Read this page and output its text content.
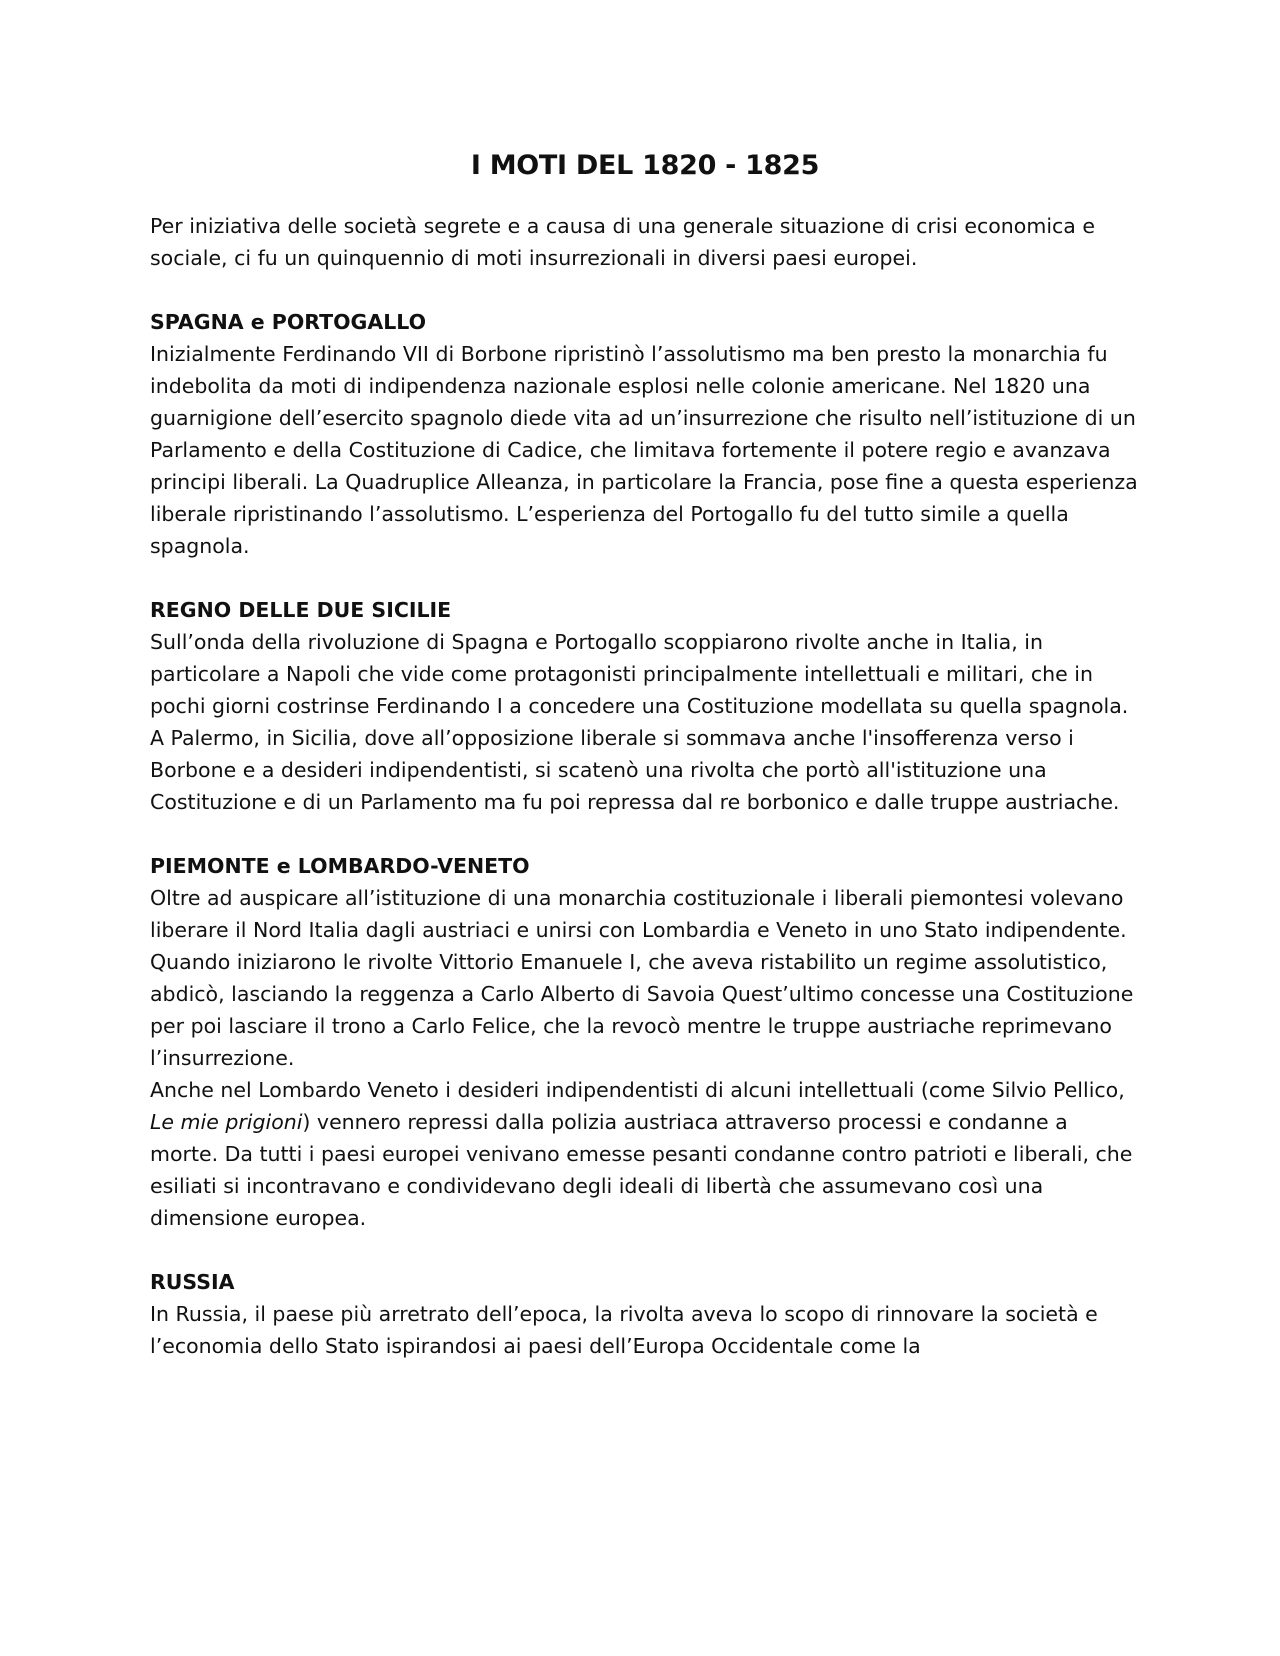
I MOTI DEL 1820 - 1825

Per iniziativa delle società segrete e a causa di una generale situazione di crisi economica e sociale, ci fu un quinquennio di moti insurrezionali in diversi paesi europei.

SPAGNA e PORTOGALLO

Inizialmente Ferdinando VII di Borbone ripristinò l’assolutismo ma ben presto la monarchia fu indebolita da moti di indipendenza nazionale esplosi nelle colonie americane. Nel 1820 una guarnigione dell’esercito spagnolo diede vita ad un’insurrezione che risulto nell’istituzione di un Parlamento e della Costituzione di Cadice, che limitava fortemente il potere regio e avanzava principi liberali. La Quadruplice Alleanza, in particolare la Francia, pose fine a questa esperienza liberale ripristinando l’assolutismo. L’esperienza del Portogallo fu del tutto simile a quella spagnola.

REGNO DELLE DUE SICILIE

Sull’onda della rivoluzione di Spagna e Portogallo scoppiarono rivolte anche in Italia, in particolare a Napoli che vide come protagonisti principalmente intellettuali e militari, che in pochi giorni costrinse Ferdinando I a concedere una Costituzione modellata su quella spagnola. A Palermo, in Sicilia, dove all’opposizione liberale si sommava anche l'insofferenza verso i Borbone e a desideri indipendentisti, si scatenò una rivolta che portò all'istituzione una Costituzione e di un Parlamento ma fu poi repressa dal re borbonico e dalle truppe austriache.

PIEMONTE e LOMBARDO-VENETO

Oltre ad auspicare all’istituzione di una monarchia costituzionale i liberali piemontesi volevano liberare il Nord Italia dagli austriaci e unirsi con Lombardia e Veneto in uno Stato indipendente. Quando iniziarono le rivolte Vittorio Emanuele I, che aveva ristabilito un regime assolutistico, abdicò, lasciando la reggenza a Carlo Alberto di Savoia Quest’ultimo concesse una Costituzione per poi lasciare il trono a Carlo Felice, che la revocò mentre le truppe austriache reprimevano l’insurrezione.

Anche nel Lombardo Veneto i desideri indipendentisti di alcuni intellettuali (come Silvio Pellico, Le mie prigioni) vennero repressi dalla polizia austriaca attraverso processi e condanne a morte. Da tutti i paesi europei venivano emesse pesanti condanne contro patrioti e liberali, che esiliati si incontravano e condividevano degli ideali di libertà che assumevano così una dimensione europea.

RUSSIA

In Russia, il paese più arretrato dell’epoca, la rivolta aveva lo scopo di rinnovare la società e l’economia dello Stato ispirandosi ai paesi dell’Europa Occidentale come la
